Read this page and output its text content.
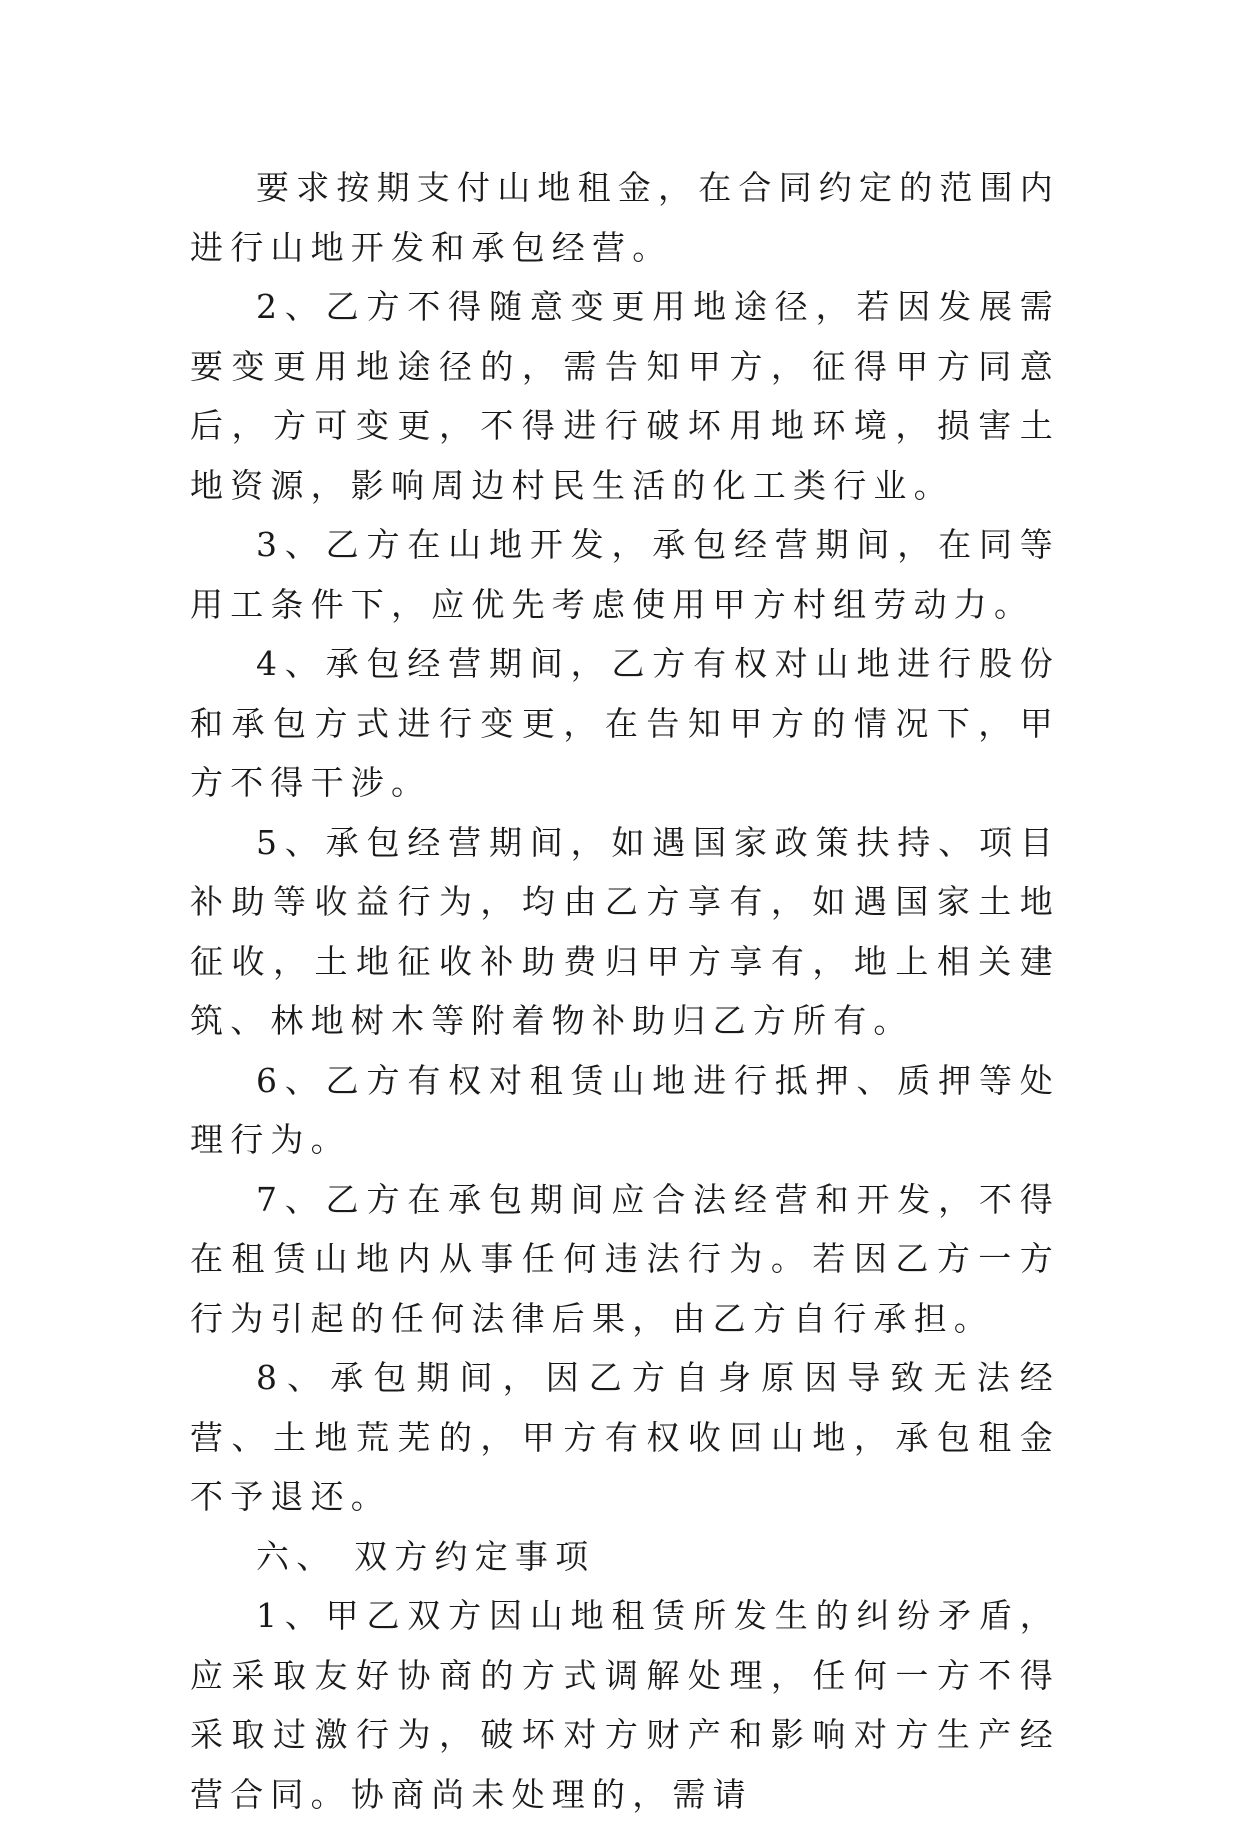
要求按期支付山地租金，在合同约定的范围内进行山地开发和承包经营。

2、乙方不得随意变更用地途径，若因发展需要变更用地途径的，需告知甲方，征得甲方同意后，方可变更，不得进行破坏用地环境，损害土地资源，影响周边村民生活的化工类行业。

3、乙方在山地开发，承包经营期间，在同等用工条件下，应优先考虑使用甲方村组劳动力。

4、承包经营期间，乙方有权对山地进行股份和承包方式进行变更，在告知甲方的情况下，甲方不得干涉。

5、承包经营期间，如遇国家政策扶持、项目补助等收益行为，均由乙方享有，如遇国家土地征收，土地征收补助费归甲方享有，地上相关建筑、林地树木等附着物补助归乙方所有。

6、乙方有权对租赁山地进行抵押、质押等处理行为。

7、乙方在承包期间应合法经营和开发，不得在租赁山地内从事任何违法行为。若因乙方一方行为引起的任何法律后果，由乙方自行承担。

8、承包期间，因乙方自身原因导致无法经营、土地荒芜的，甲方有权收回山地，承包租金不予退还。

六、 双方约定事项

1、甲乙双方因山地租赁所发生的纠纷矛盾，应采取友好协商的方式调解处理，任何一方不得采取过激行为，破坏对方财产和影响对方生产经营合同。协商尚未处理的，需请
